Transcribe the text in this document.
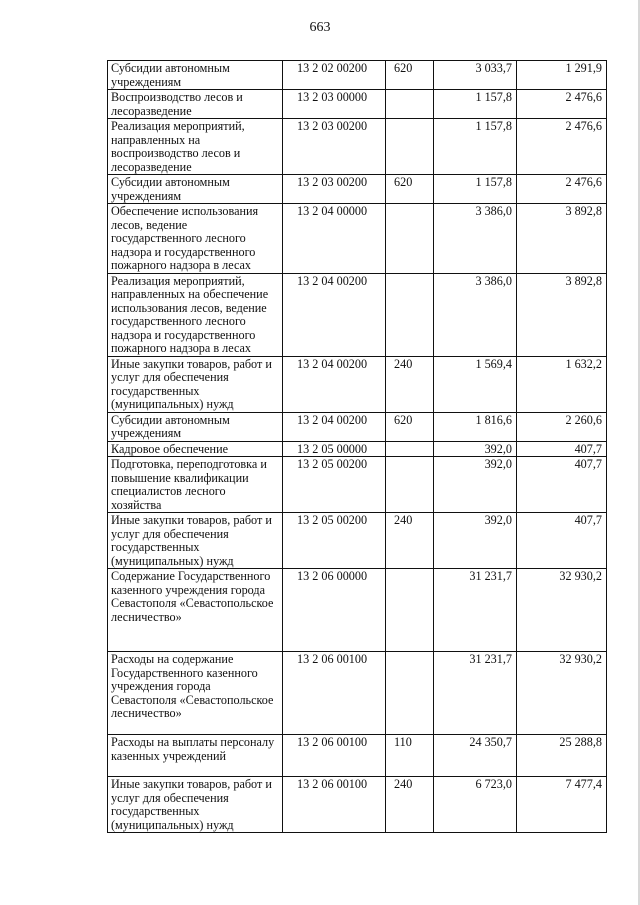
663
Субсидии автономным учреждениям	13 2 02 00200	620	3 033,7	1 291,9
Воспроизводство лесов и лесоразведение	13 2 03 00000		1 157,8	2 476,6
Реализация мероприятий, направленных на воспроизводство лесов и лесоразведение	13 2 03 00200		1 157,8	2 476,6
Субсидии автономным учреждениям	13 2 03 00200	620	1 157,8	2 476,6
Обеспечение использования лесов, ведение государственного лесного надзора и государственного пожарного надзора в лесах	13 2 04 00000		3 386,0	3 892,8
Реализация мероприятий, направленных на обеспечение использования лесов, ведение государственного лесного надзора и государственного пожарного надзора в лесах	13 2 04 00200		3 386,0	3 892,8
Иные закупки товаров, работ и услуг для обеспечения государственных (муниципальных) нужд	13 2 04 00200	240	1 569,4	1 632,2
Субсидии автономным учреждениям	13 2 04 00200	620	1 816,6	2 260,6
Кадровое обеспечение	13 2 05 00000		392,0	407,7
Подготовка, переподготовка и повышение квалификации специалистов лесного хозяйства	13 2 05 00200		392,0	407,7
Иные закупки товаров, работ и услуг для обеспечения государственных (муниципальных) нужд	13 2 05 00200	240	392,0	407,7
Содержание Государственного казенного учреждения города Севастополя «Севастопольское лесничество»	13 2 06 00000		31 231,7	32 930,2
Расходы на содержание Государственного казенного учреждения города Севастополя «Севастопольское лесничество»	13 2 06 00100		31 231,7	32 930,2
Расходы на выплаты персоналу казенных учреждений	13 2 06 00100	110	24 350,7	25 288,8
Иные закупки товаров, работ и услуг для обеспечения государственных (муниципальных) нужд	13 2 06 00100	240	6 723,0	7 477,4
